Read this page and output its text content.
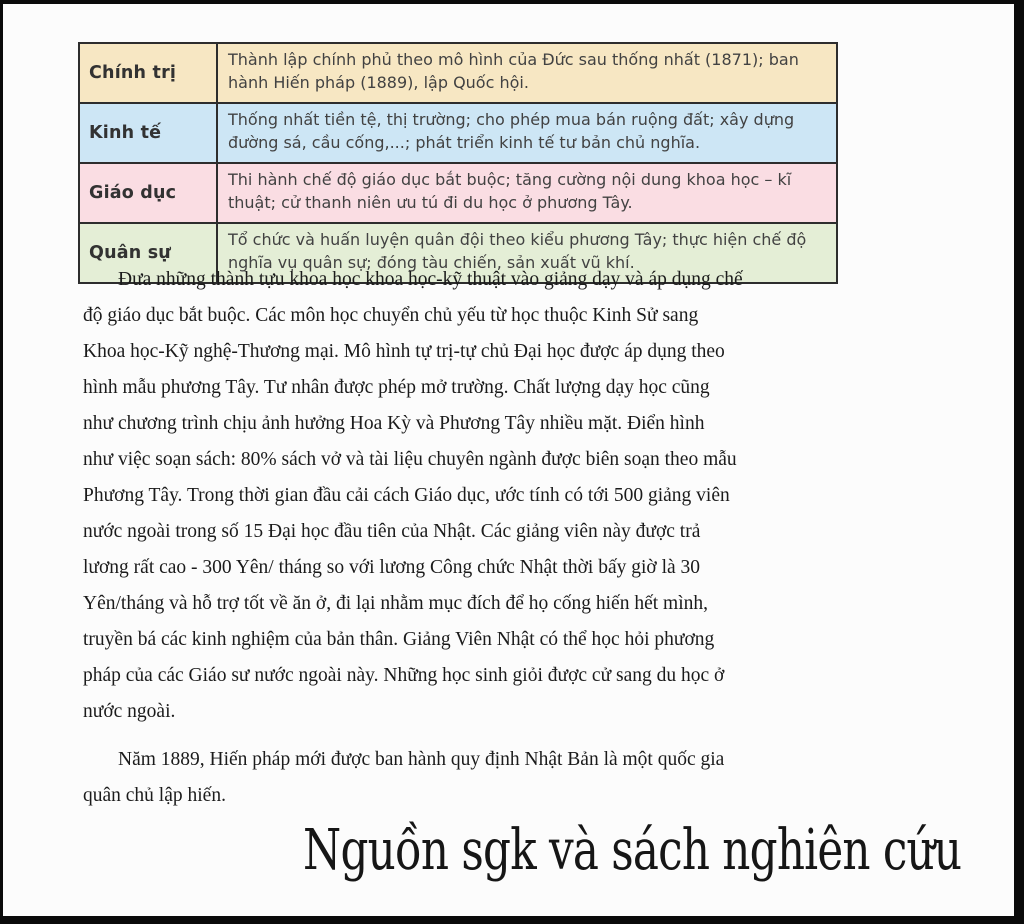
Chính trị	Thành lập chính phủ theo mô hình của Đức sau thống nhất (1871); ban hành Hiến pháp (1889), lập Quốc hội.
Kinh tế	Thống nhất tiền tệ, thị trường; cho phép mua bán ruộng đất; xây dựng đường sá, cầu cống,...; phát triển kinh tế tư bản chủ nghĩa.
Giáo dục	Thi hành chế độ giáo dục bắt buộc; tăng cường nội dung khoa học – kĩ thuật; cử thanh niên ưu tú đi du học ở phương Tây.
Quân sự	Tổ chức và huấn luyện quân đội theo kiểu phương Tây; thực hiện chế độ nghĩa vụ quân sự; đóng tàu chiến, sản xuất vũ khí.
Đưa những thành tựu khoa học khoa học-kỹ thuật vào giảng dạy và áp dụng chế
độ giáo dục bắt buộc. Các môn học chuyển chủ yếu từ học thuộc Kinh Sử sang
Khoa học-Kỹ nghệ-Thương mại. Mô hình tự trị-tự chủ Đại học được áp dụng theo
hình mẫu phương Tây. Tư nhân được phép mở trường. Chất lượng dạy học cũng
như chương trình chịu ảnh hưởng Hoa Kỳ và Phương Tây nhiều mặt. Điển hình
như việc soạn sách: 80% sách vở và tài liệu chuyên ngành được biên soạn theo mẫu
Phương Tây. Trong thời gian đầu cải cách Giáo dục, ước tính có tới 500 giảng viên
nước ngoài trong số 15 Đại học đầu tiên của Nhật. Các giảng viên này được trả
lương rất cao - 300 Yên/ tháng so với lương Công chức Nhật thời bấy giờ là 30
Yên/tháng và hỗ trợ tốt về ăn ở, đi lại nhằm mục đích để họ cống hiến hết mình,
truyền bá các kinh nghiệm của bản thân. Giảng Viên Nhật có thể học hỏi phương
pháp của các Giáo sư nước ngoài này. Những học sinh giỏi được cử sang du học ở
nước ngoài.
Năm 1889, Hiến pháp mới được ban hành quy định Nhật Bản là một quốc gia
quân chủ lập hiến.
Nguồn sgk và sách nghiên cứu
